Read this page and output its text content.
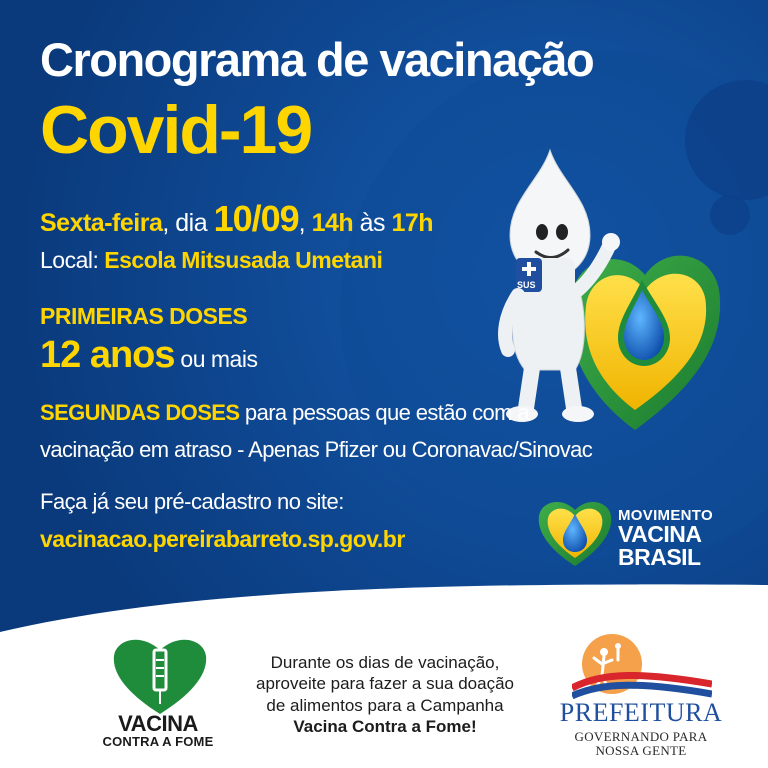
SUS
Cronograma de vacinação
Covid-19
Sexta-feira, dia 10/09, 14h às 17h
Local: Escola Mitsusada Umetani
PRIMEIRAS DOSES
12 anos ou mais
SEGUNDAS DOSES para pessoas que estão com a
vacinação em atraso - Apenas Pfizer ou Coronavac/Sinovac
Faça já seu pré-cadastro no site:
vacinacao.pereirabarreto.sp.gov.br
MOVIMENTO
VACINA
BRASIL
VACINA
CONTRA A FOME
Durante os dias de vacinação,
aproveite para fazer a sua doação
de alimentos para a Campanha
Vacina Contra a Fome!	PREFEITURA
GOVERNANDO PARA
NOSSA GENTE
